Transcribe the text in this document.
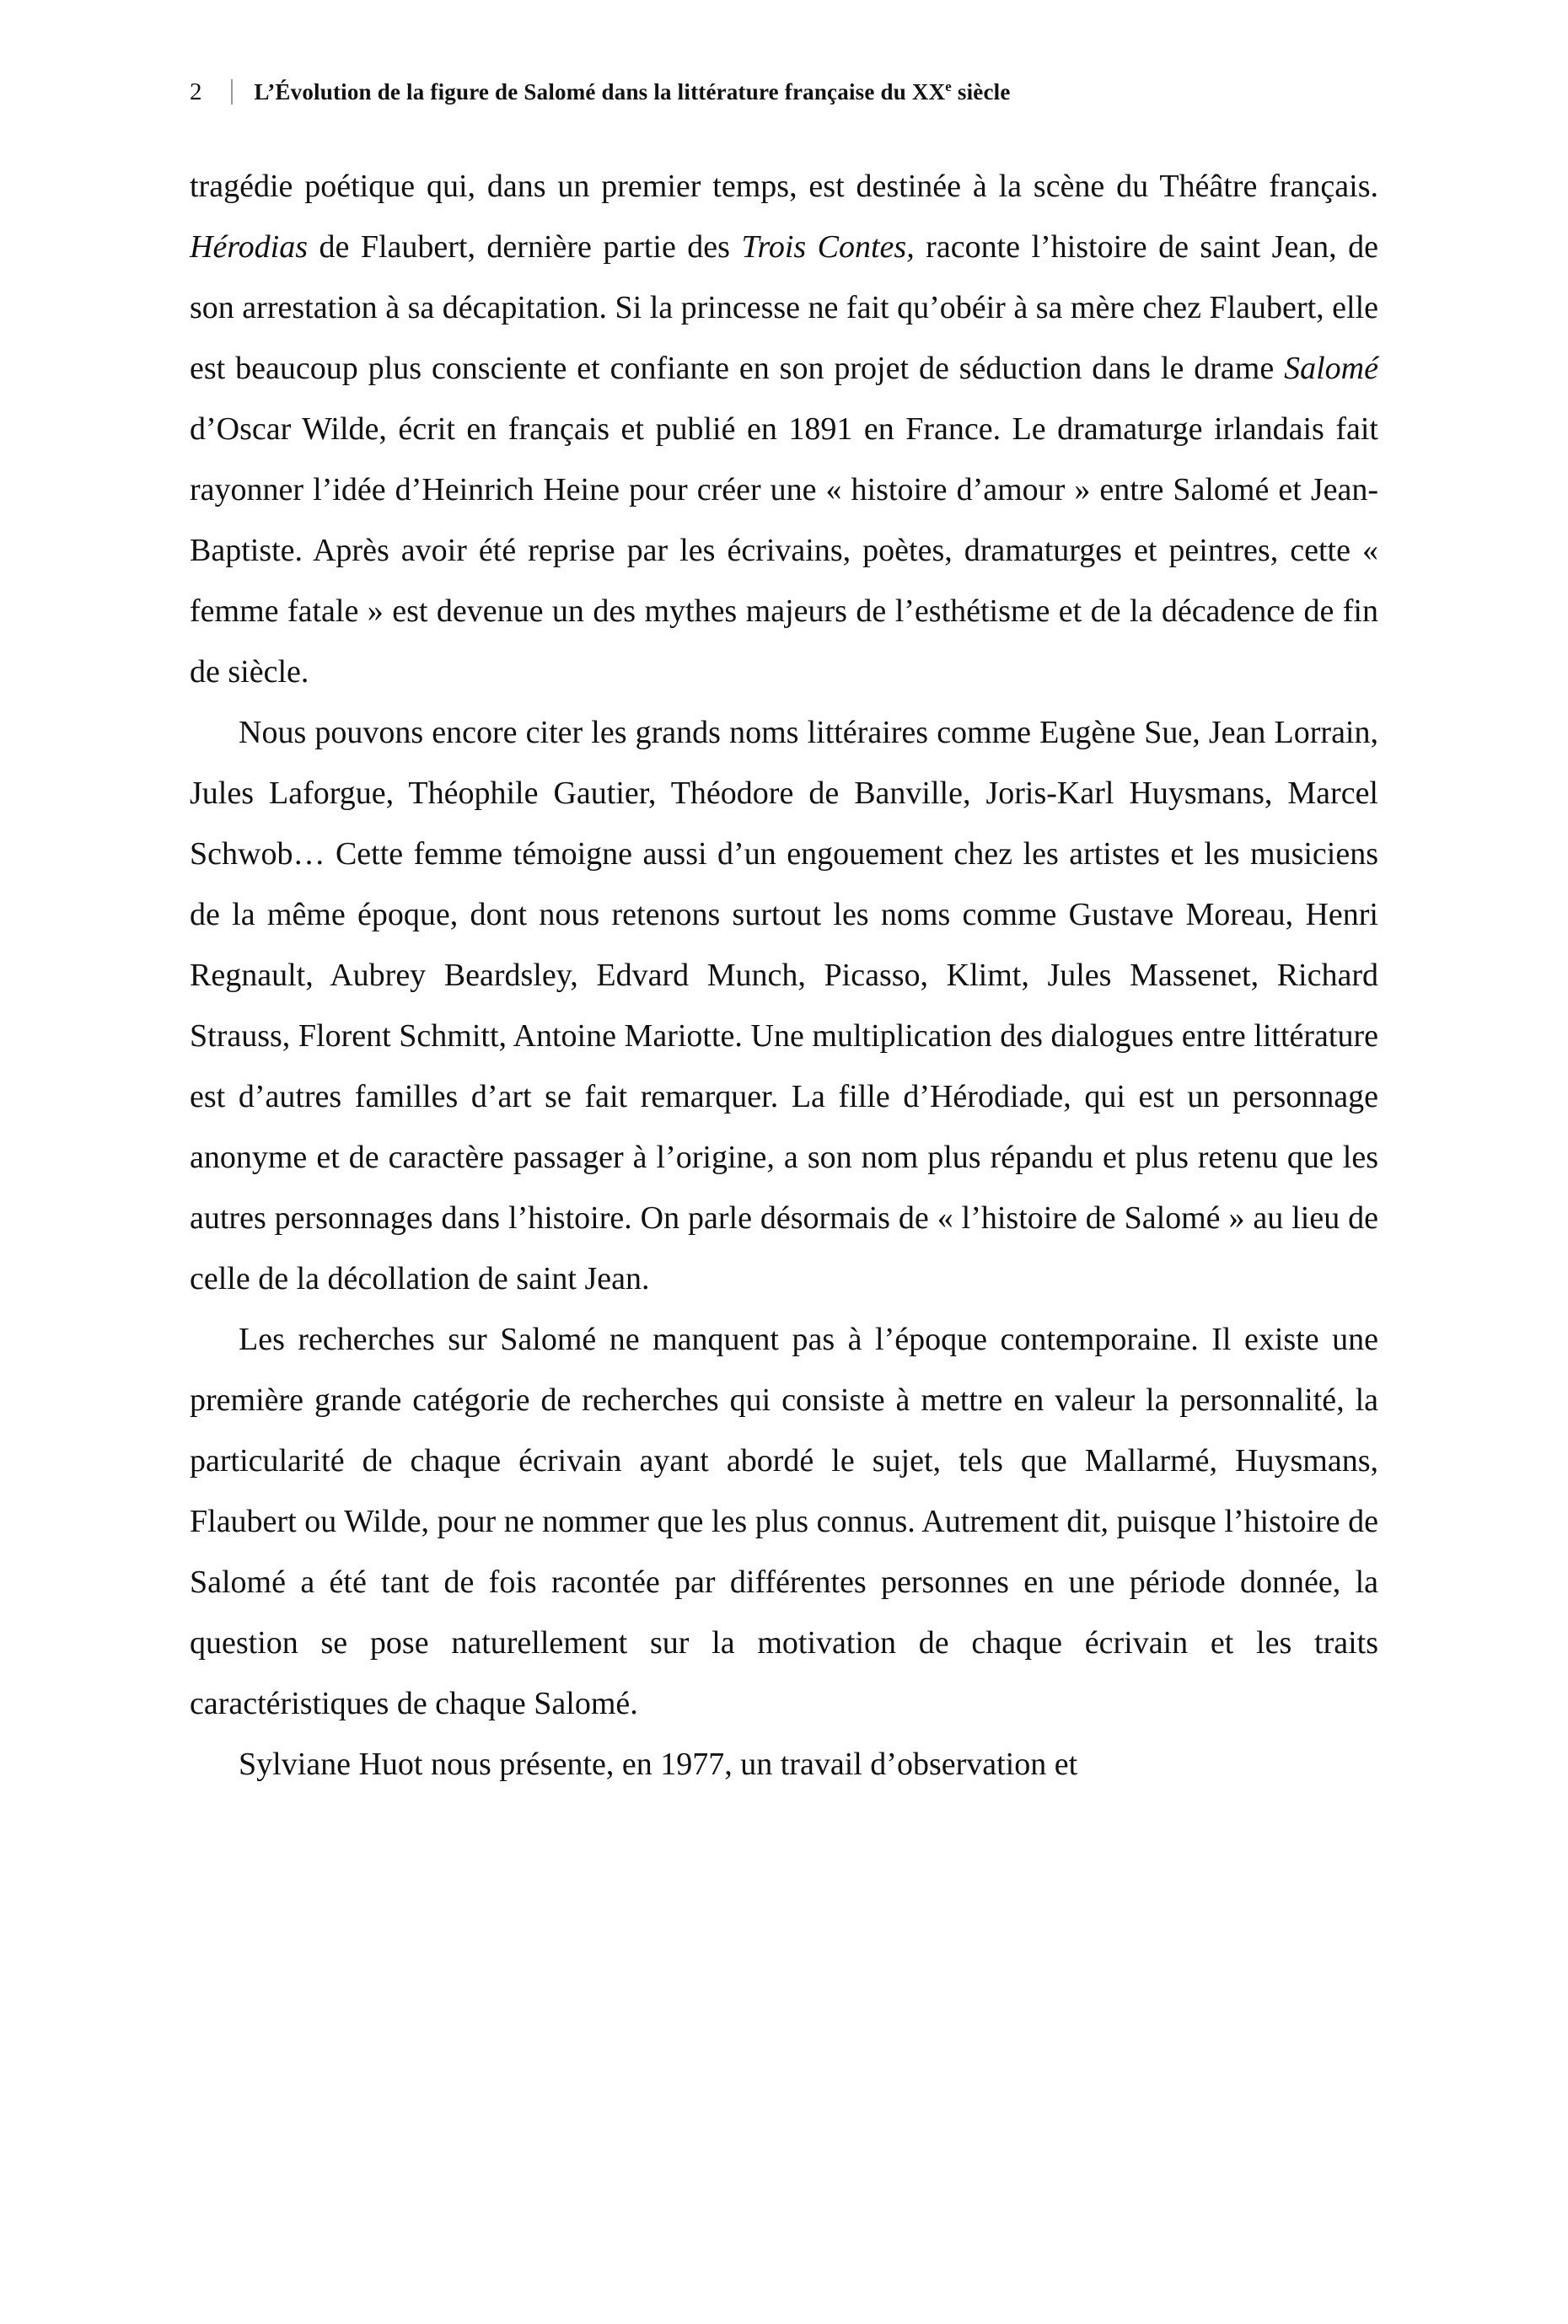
2 L’Évolution de la figure de Salomé dans la littérature française du XXe siècle

tragédie poétique qui, dans un premier temps, est destinée à la scène du Théâtre français. Hérodias de Flaubert, dernière partie des Trois Contes, raconte l’histoire de saint Jean, de son arrestation à sa décapitation. Si la princesse ne fait qu’obéir à sa mère chez Flaubert, elle est beaucoup plus consciente et confiante en son projet de séduction dans le drame Salomé d’Oscar Wilde, écrit en français et publié en 1891 en France. Le dramaturge irlandais fait rayonner l’idée d’Heinrich Heine pour créer une « histoire d’amour » entre Salomé et Jean-Baptiste. Après avoir été reprise par les écrivains, poètes, dramaturges et peintres, cette « femme fatale » est devenue un des mythes majeurs de l’esthétisme et de la décadence de fin de siècle.

Nous pouvons encore citer les grands noms littéraires comme Eugène Sue, Jean Lorrain, Jules Laforgue, Théophile Gautier, Théodore de Banville, Joris-Karl Huysmans, Marcel Schwob… Cette femme témoigne aussi d’un engouement chez les artistes et les musiciens de la même époque, dont nous retenons surtout les noms comme Gustave Moreau, Henri Regnault, Aubrey Beardsley, Edvard Munch, Picasso, Klimt, Jules Massenet, Richard Strauss, Florent Schmitt, Antoine Mariotte. Une multiplication des dialogues entre littérature est d’autres familles d’art se fait remarquer. La fille d’Hérodiade, qui est un personnage anonyme et de caractère passager à l’origine, a son nom plus répandu et plus retenu que les autres personnages dans l’histoire. On parle désormais de « l’histoire de Salomé » au lieu de celle de la décollation de saint Jean.

Les recherches sur Salomé ne manquent pas à l’époque contemporaine. Il existe une première grande catégorie de recherches qui consiste à mettre en valeur la personnalité, la particularité de chaque écrivain ayant abordé le sujet, tels que Mallarmé, Huysmans, Flaubert ou Wilde, pour ne nommer que les plus connus. Autrement dit, puisque l’histoire de Salomé a été tant de fois racontée par différentes personnes en une période donnée, la question se pose naturellement sur la motivation de chaque écrivain et les traits caractéristiques de chaque Salomé.

Sylviane Huot nous présente, en 1977, un travail d’observation et
